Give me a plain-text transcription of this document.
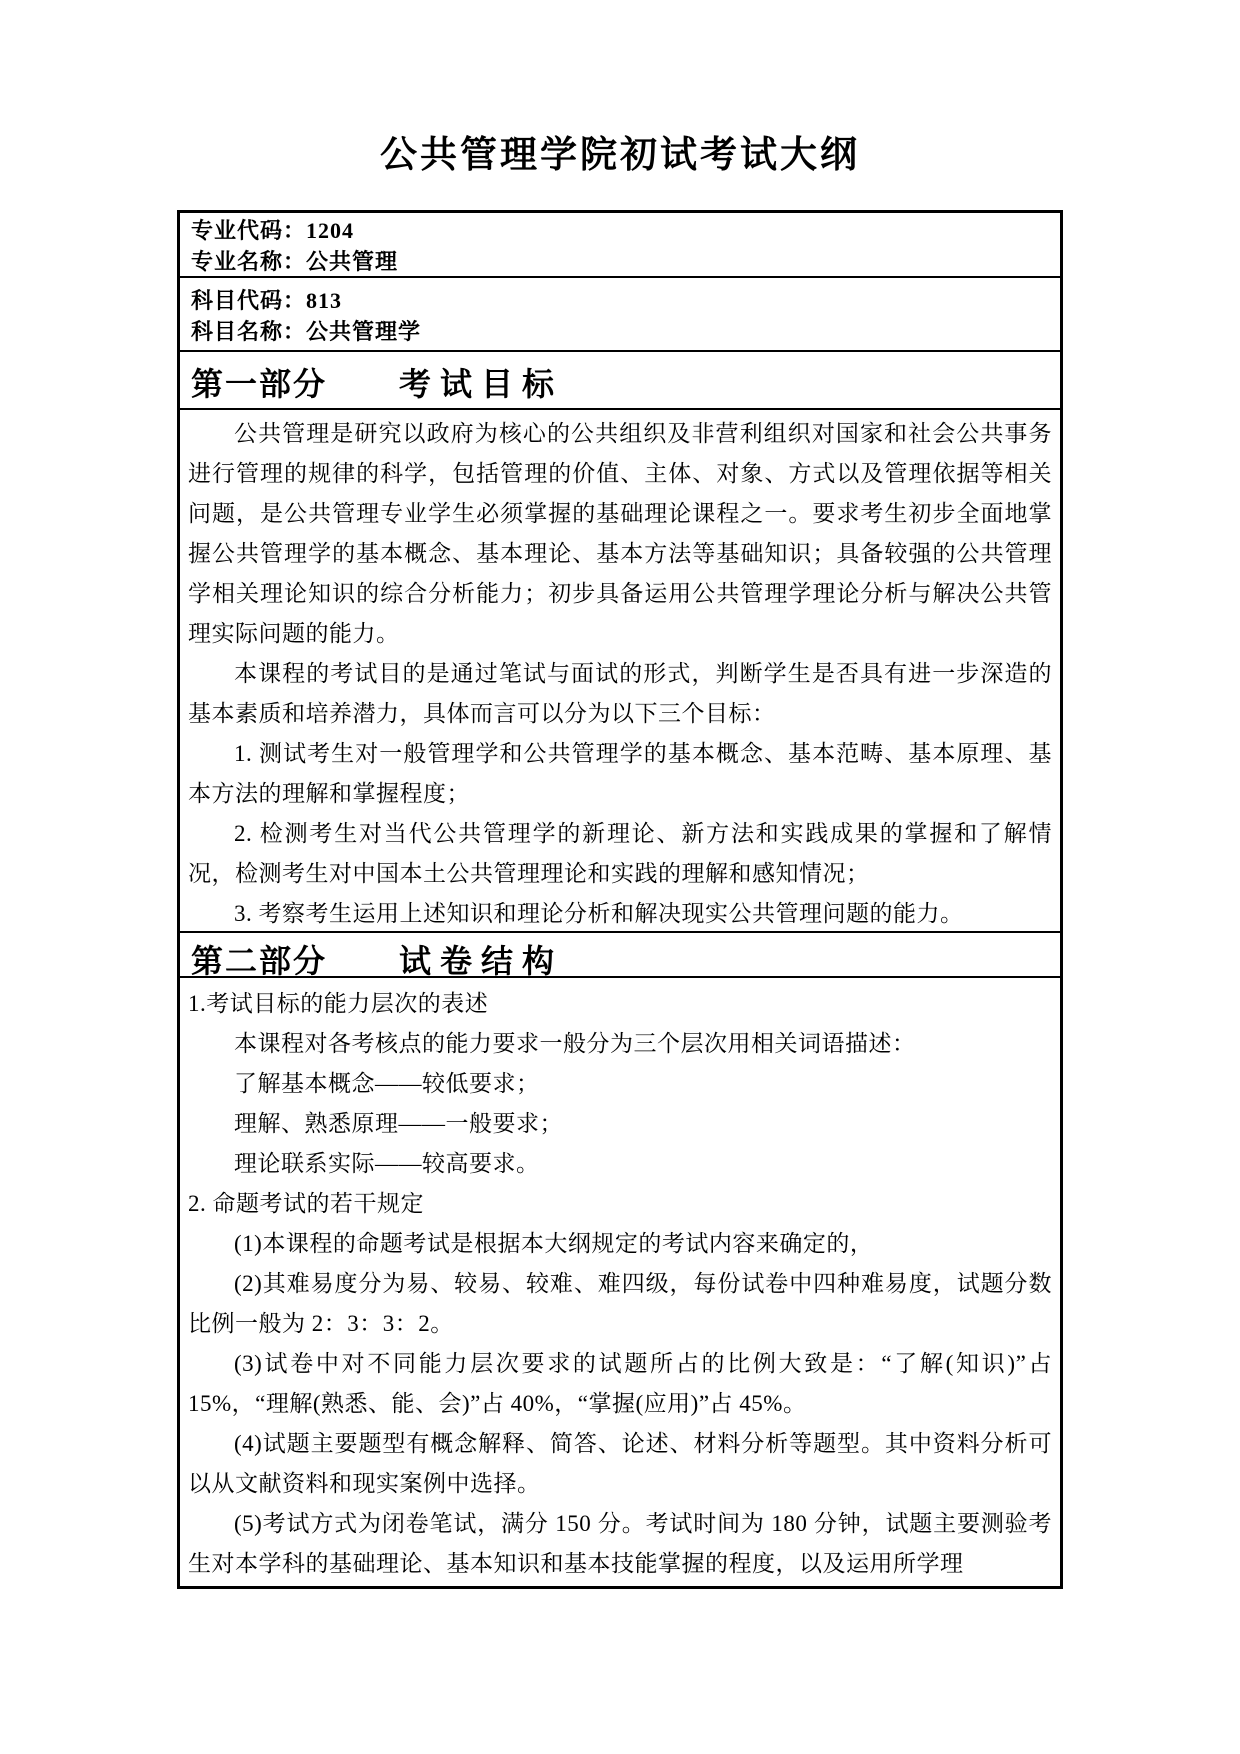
公共管理学院初试考试大纲
专业代码：1204
专业名称：公共管理
科目代码：813
科目名称：公共管理学
第一部分 考试目标

公共管理是研究以政府为核心的公共组织及非营利组织对国家和社会公共事务进行管理的规律的科学，包括管理的价值、主体、对象、方式以及管理依据等相关问题，是公共管理专业学生必须掌握的基础理论课程之一。要求考生初步全面地掌握公共管理学的基本概念、基本理论、基本方法等基础知识；具备较强的公共管理学相关理论知识的综合分析能力；初步具备运用公共管理学理论分析与解决公共管理实际问题的能力。

本课程的考试目的是通过笔试与面试的形式，判断学生是否具有进一步深造的基本素质和培养潜力，具体而言可以分为以下三个目标：

1. 测试考生对一般管理学和公共管理学的基本概念、基本范畴、基本原理、基本方法的理解和掌握程度；

2. 检测考生对当代公共管理学的新理论、新方法和实践成果的掌握和了解情况，检测考生对中国本土公共管理理论和实践的理解和感知情况；

3. 考察考生运用上述知识和理论分析和解决现实公共管理问题的能力。

第二部分 试卷结构

1.考试目标的能力层次的表述

本课程对各考核点的能力要求一般分为三个层次用相关词语描述：

了解基本概念——较低要求；

理解、熟悉原理——一般要求；

理论联系实际——较高要求。

2. 命题考试的若干规定

(1)本课程的命题考试是根据本大纲规定的考试内容来确定的，

(2)其难易度分为易、较易、较难、难四级，每份试卷中四种难易度，试题分数比例一般为 2：3：3：2。

(3)试卷中对不同能力层次要求的试题所占的比例大致是：“了解(知识)”占 15%，“理解(熟悉、能、会)”占 40%，“掌握(应用)”占 45%。

(4)试题主要题型有概念解释、简答、论述、材料分析等题型。其中资料分析可以从文献资料和现实案例中选择。

(5)考试方式为闭卷笔试，满分 150 分。考试时间为 180 分钟，试题主要测验考生对本学科的基础理论、基本知识和基本技能掌握的程度，以及运用所学理
